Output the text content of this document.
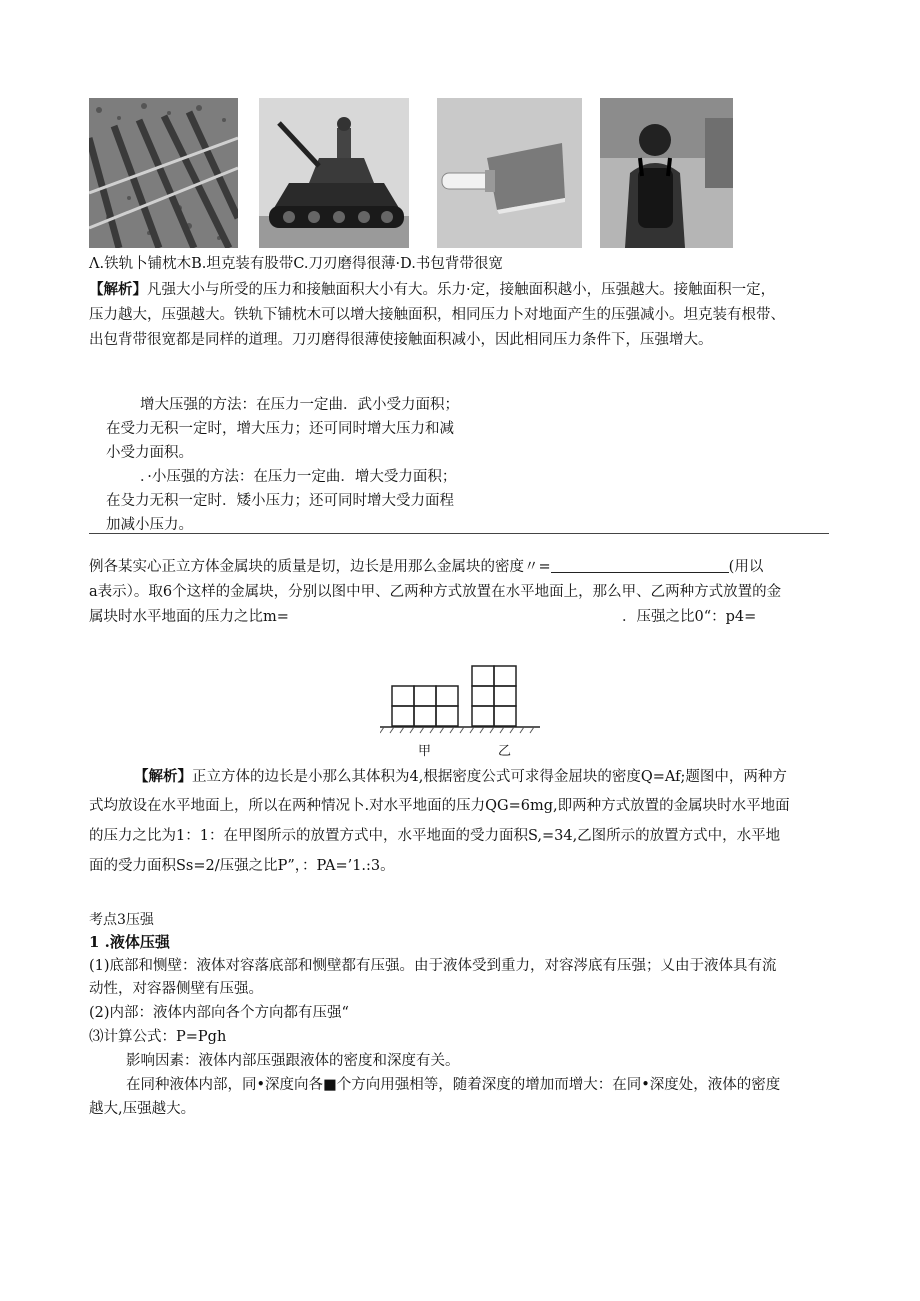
Λ.铁轨卜铺枕木B.坦克装有股带C.刀刃磨得很薄·D.书包背带很宽
【解析】凡强大小与所受的压力和接触面积大小有大。乐力·定，接触面积越小，压强越大。接触面积一定，
压力越大，压强越大。铁轨下铺枕木可以增大接触面积，相同压力卜对地面产生的压强减小。坦克装有根带、
出包背带很宽都是同样的道理。刀刃磨得很薄使接触面积减小，因此相同压力条件下，压强增大。
增大压强的方法：在压力一定曲．武小受力面积；
在受力无积一定时，增大压力；还可同时增大压力和减
小受力面积。
．·小压强的方法：在压力一定曲．增大受力面积；
在殳力无积一定时．矮小压力；还可同时增大受力面程
加减小压力。
例各某实心正立方体金属块的质量是切，边长是用那么金属块的密度〃=	(用以
a表示）。取6个这样的金属块，分别以图中甲、乙两种方式放置在水平地面上，那么甲、乙两种方式放置的金
属块时水平地面的压力之比m=	．压强之比0“：p4=
甲	乙
【解析】正立方体的边长是小那么其体积为4,根据密度公式可求得金屈块的密度Q=Af;题图中，两种方
式均放设在水平地面上，所以在两种情况卜.对水平地面的压力QG=6mg,即两种方式放置的金属块时水平地面
的压力之比为1：1：在甲图所示的放置方式中，水平地面的受力面积S,=34,乙图所示的放置方式中，水平地
面的受力面积Ss=2/压强之比P”，：PA=’1.:3。
考点3压强
1 .液体压强
(1)底部和恻壁：液体对容落底部和恻壁都有压强。由于液体受到重力，对容涔底有压强；乂由于液体具有流
动性，对容器侧壁有压强。
(2)内部：液体内部向各个方向都有压强“
⑶计算公式：P=Pgh
影响因素：液体内部压强跟液体的密度和深度有关。
在同种液体内部，同•深度向各■个方向用强相等，随着深度的增加而增大：在同•深度处，液体的密度
越大,压强越大。
